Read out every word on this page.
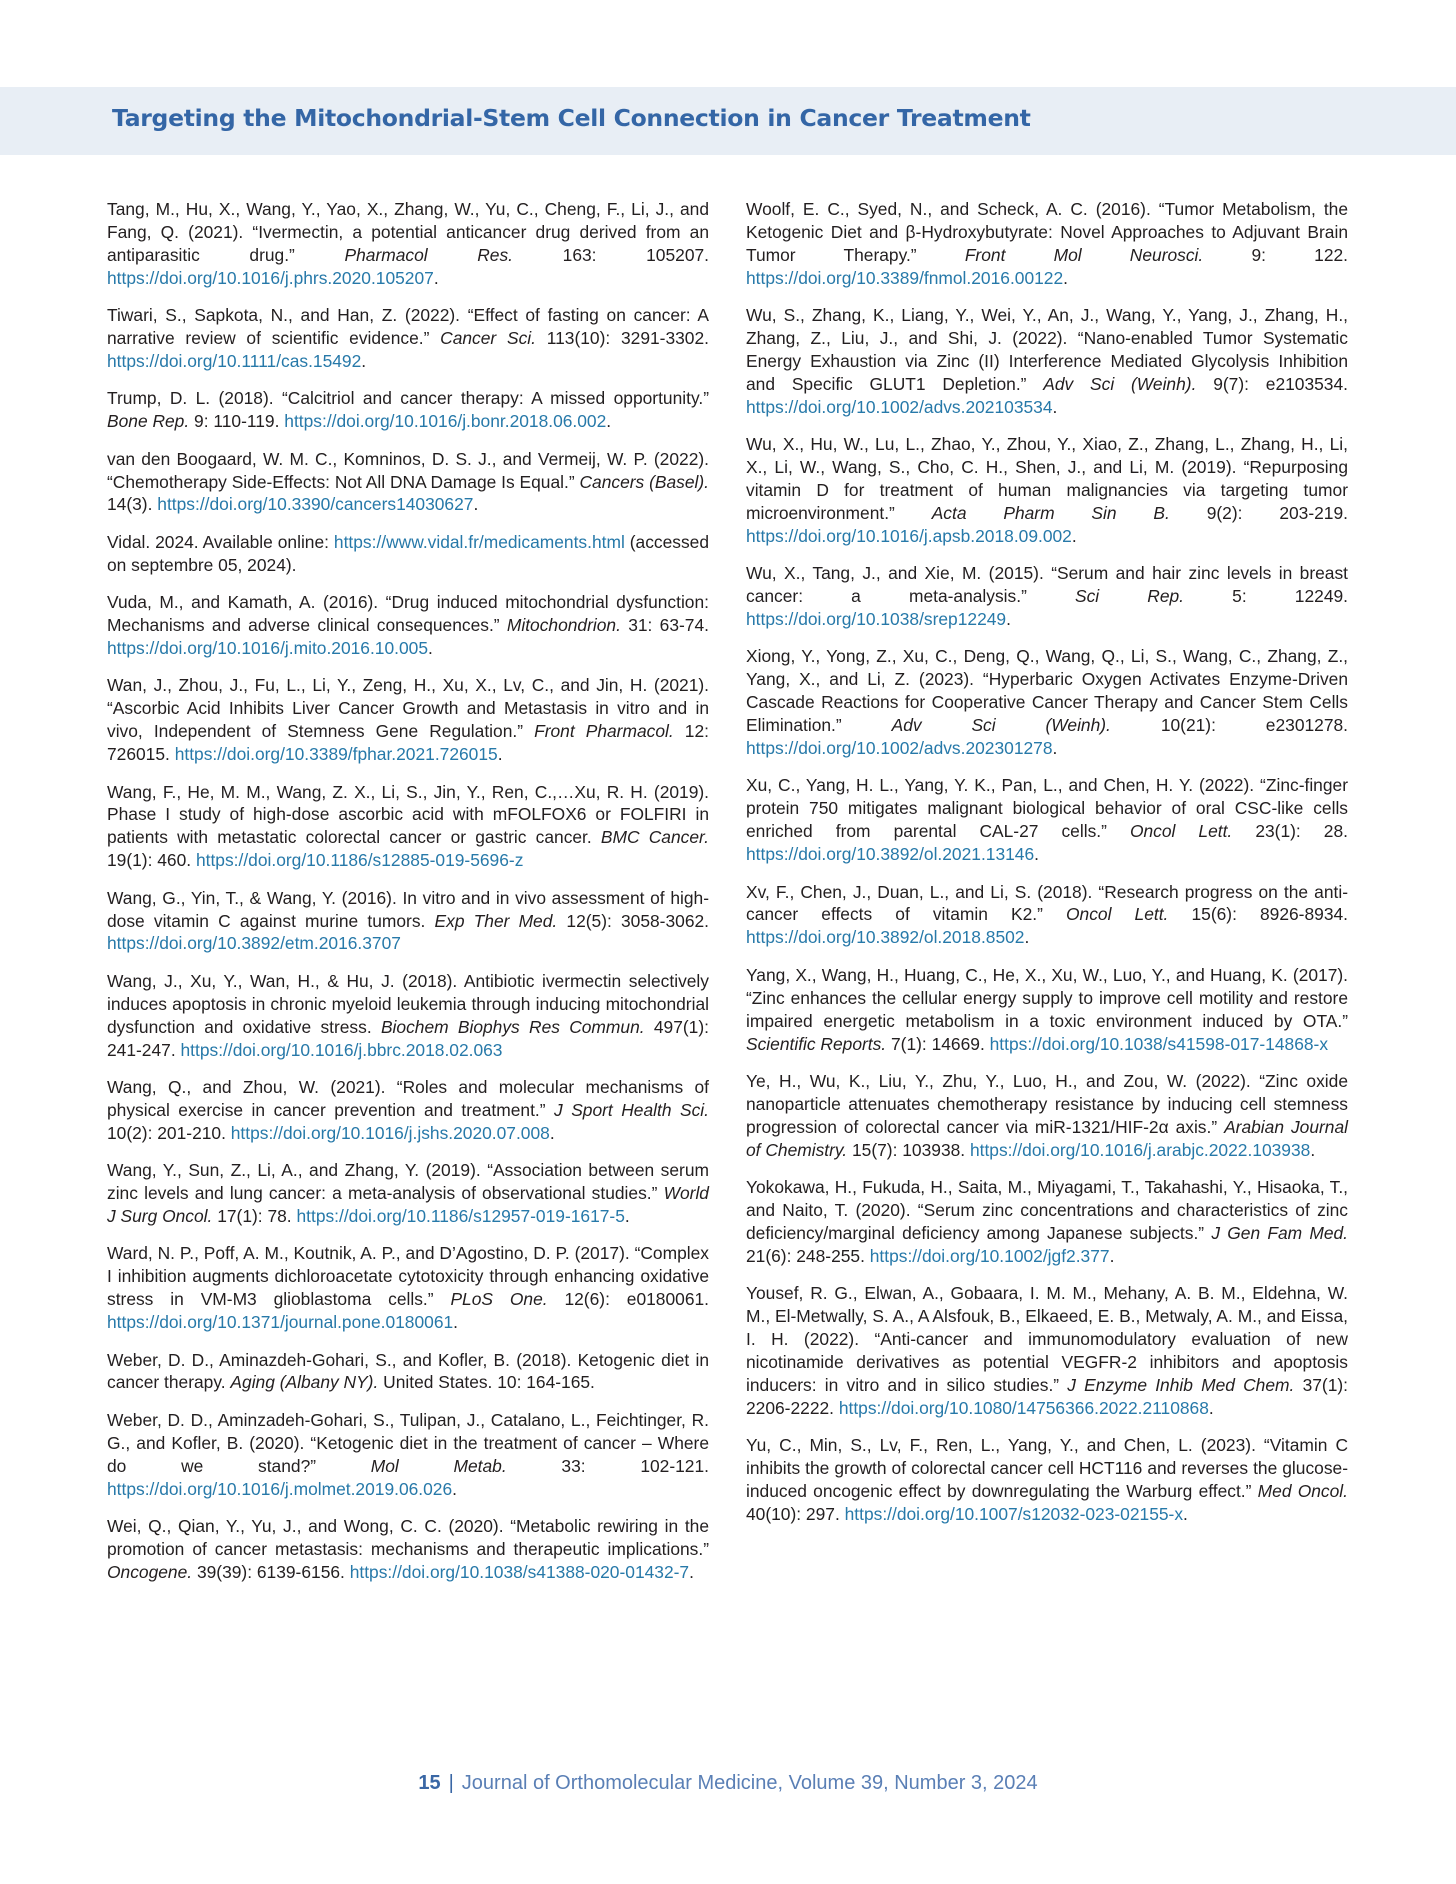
Targeting the Mitochondrial-Stem Cell Connection in Cancer Treatment

Tang, M., Hu, X., Wang, Y., Yao, X., Zhang, W., Yu, C., Cheng, F., Li, J., and Fang, Q. (2021). “Ivermectin, a potential anticancer drug derived from an antiparasitic drug.”	Pharmacol Res.	163: 105207. https://doi.org/10.1016/j.phrs.2020.105207.

Tiwari, S., Sapkota, N., and Han, Z. (2022). “Effect of fasting on cancer: A narrative review of scientific evidence.” Cancer Sci. 113(10): 3291-3302. https://doi.org/10.1111/cas.15492.

Trump, D. L. (2018). “Calcitriol and cancer therapy: A missed opportunity.” Bone Rep. 9: 110-119. https://doi.org/10.1016/j.bonr.2018.06.002.

van den Boogaard, W. M. C., Komninos, D. S. J., and Vermeij, W. P. (2022). “Chemotherapy Side-Effects: Not All DNA Damage Is Equal.” Cancers (Basel). 14(3). https://doi.org/10.3390/cancers14030627.

Vidal. 2024. Available online: https://www.vidal.fr/medicaments.html (accessed on septembre 05, 2024).

Vuda, M., and Kamath, A. (2016). “Drug induced mitochondrial dysfunction: Mechanisms and adverse clinical consequences.” Mitochondrion. 31: 63-74. https://doi.org/10.1016/j.mito.2016.10.005.

Wan, J., Zhou, J., Fu, L., Li, Y., Zeng, H., Xu, X., Lv, C., and Jin, H. (2021). “Ascorbic Acid Inhibits Liver Cancer Growth and Metastasis in vitro and in vivo, Independent of Stemness Gene Regulation.” Front Pharmacol. 12: 726015. https://doi.org/10.3389/fphar.2021.726015.

Wang, F., He, M. M., Wang, Z. X., Li, S., Jin, Y., Ren, C.,…Xu, R. H. (2019). Phase I study of high-dose ascorbic acid with mFOLFOX6 or FOLFIRI in patients with metastatic colorectal cancer or gastric cancer. BMC Cancer. 19(1): 460. https://doi.org/10.1186/s12885-019-5696-z

Wang, G., Yin, T., & Wang, Y. (2016). In vitro and in vivo assessment of high-dose vitamin C against murine tumors. Exp Ther Med. 12(5): 3058-3062. https://doi.org/10.3892/etm.2016.3707

Wang, J., Xu, Y., Wan, H., & Hu, J. (2018). Antibiotic ivermectin selectively induces apoptosis in chronic myeloid leukemia through inducing mitochondrial dysfunction and oxidative stress. Biochem Biophys Res Commun. 497(1): 241-247. https://doi.org/10.1016/j.bbrc.2018.02.063

Wang, Q., and Zhou, W. (2021). “Roles and molecular mechanisms of physical exercise in cancer prevention and treatment.” J Sport Health Sci. 10(2): 201-210. https://doi.org/10.1016/j.jshs.2020.07.008.

Wang, Y., Sun, Z., Li, A., and Zhang, Y. (2019). “Association between serum zinc levels and lung cancer: a meta-analysis of observational studies.” World J Surg Oncol. 17(1): 78. https://doi.org/10.1186/s12957-019-1617-5.

Ward, N. P., Poff, A. M., Koutnik, A. P., and D’Agostino, D. P. (2017). “Complex I inhibition augments dichloroacetate cytotoxicity through enhancing oxidative stress in VM-M3 glioblastoma cells.” PLoS One. 12(6): e0180061. https://doi.org/10.1371/journal.pone.0180061.

Weber, D. D., Aminazdeh-Gohari, S., and Kofler, B. (2018). Ketogenic diet in cancer therapy. Aging (Albany NY). United States. 10: 164-165.

Weber, D. D., Aminzadeh-Gohari, S., Tulipan, J., Catalano, L., Feichtinger, R. G., and Kofler, B. (2020). “Ketogenic diet in the treatment of cancer – Where do we stand?”	Mol Metab.	33: 102-121. https://doi.org/10.1016/j.molmet.2019.06.026.

Wei, Q., Qian, Y., Yu, J., and Wong, C. C. (2020). “Metabolic rewiring in the promotion of cancer metastasis: mechanisms and therapeutic implications.” Oncogene. 39(39): 6139-6156. https://doi.org/10.1038/s41388-020-01432-7.

Woolf, E. C., Syed, N., and Scheck, A. C. (2016). “Tumor Metabolism, the Ketogenic Diet and β-Hydroxybutyrate: Novel Approaches to Adjuvant Brain Tumor Therapy.”	Front Mol Neurosci.	9: 122. https://doi.org/10.3389/fnmol.2016.00122.

Wu, S., Zhang, K., Liang, Y., Wei, Y., An, J., Wang, Y., Yang, J., Zhang, H., Zhang, Z., Liu, J., and Shi, J. (2022). “Nano-enabled Tumor Systematic Energy Exhaustion via Zinc (II) Interference Mediated Glycolysis Inhibition and Specific GLUT1 Depletion.” Adv Sci (Weinh). 9(7): e2103534. https://doi.org/10.1002/advs.202103534.

Wu, X., Hu, W., Lu, L., Zhao, Y., Zhou, Y., Xiao, Z., Zhang, L., Zhang, H., Li, X., Li, W., Wang, S., Cho, C. H., Shen, J., and Li, M. (2019). “Repurposing vitamin D for treatment of human malignancies via targeting tumor microenvironment.” Acta Pharm Sin B. 9(2): 203-219. https://doi.org/10.1016/j.apsb.2018.09.002.

Wu, X., Tang, J., and Xie, M. (2015). “Serum and hair zinc levels in breast cancer: a meta-analysis.”	Sci Rep.	5: 12249. https://doi.org/10.1038/srep12249.

Xiong, Y., Yong, Z., Xu, C., Deng, Q., Wang, Q., Li, S., Wang, C., Zhang, Z., Yang, X., and Li, Z. (2023). “Hyperbaric Oxygen Activates Enzyme-Driven Cascade Reactions for Cooperative Cancer Therapy and Cancer Stem Cells Elimination.”	Adv Sci (Weinh).	10(21): e2301278. https://doi.org/10.1002/advs.202301278.

Xu, C., Yang, H. L., Yang, Y. K., Pan, L., and Chen, H. Y. (2022). “Zinc-finger protein 750 mitigates malignant biological behavior of oral CSC-like cells enriched from parental CAL-27 cells.” Oncol Lett. 23(1): 28. https://doi.org/10.3892/ol.2021.13146.

Xv, F., Chen, J., Duan, L., and Li, S. (2018). “Research progress on the anti-cancer effects of vitamin K2.” Oncol Lett. 15(6): 8926-8934. https://doi.org/10.3892/ol.2018.8502.

Yang, X., Wang, H., Huang, C., He, X., Xu, W., Luo, Y., and Huang, K. (2017). “Zinc enhances the cellular energy supply to improve cell motility and restore impaired energetic metabolism in a toxic environment induced by OTA.” Scientific Reports. 7(1): 14669. https://doi.org/10.1038/s41598-017-14868-x

Ye, H., Wu, K., Liu, Y., Zhu, Y., Luo, H., and Zou, W. (2022). “Zinc oxide nanoparticle attenuates chemotherapy resistance by inducing cell stemness progression of colorectal cancer via miR-1321/HIF-2α axis.” Arabian Journal of Chemistry. 15(7): 103938. https://doi.org/10.1016/j.arabjc.2022.103938.

Yokokawa, H., Fukuda, H., Saita, M., Miyagami, T., Takahashi, Y., Hisaoka, T., and Naito, T. (2020). “Serum zinc concentrations and characteristics of zinc deficiency/marginal deficiency among Japanese subjects.” J Gen Fam Med. 21(6): 248-255. https://doi.org/10.1002/jgf2.377.

Yousef, R. G., Elwan, A., Gobaara, I. M. M., Mehany, A. B. M., Eldehna, W. M., El-Metwally, S. A., A Alsfouk, B., Elkaeed, E. B., Metwaly, A. M., and Eissa, I. H. (2022). “Anti-cancer and immunomodulatory evaluation of new nicotinamide derivatives as potential VEGFR-2 inhibitors and apoptosis inducers: in vitro and in silico studies.” J Enzyme Inhib Med Chem. 37(1): 2206-2222. https://doi.org/10.1080/14756366.2022.2110868.

Yu, C., Min, S., Lv, F., Ren, L., Yang, Y., and Chen, L. (2023). “Vitamin C inhibits the growth of colorectal cancer cell HCT116 and reverses the glucose-induced oncogenic effect by downregulating the Warburg effect.” Med Oncol. 40(10): 297. https://doi.org/10.1007/s12032-023-02155-x.

15 | Journal of Orthomolecular Medicine, Volume 39, Number 3, 2024
